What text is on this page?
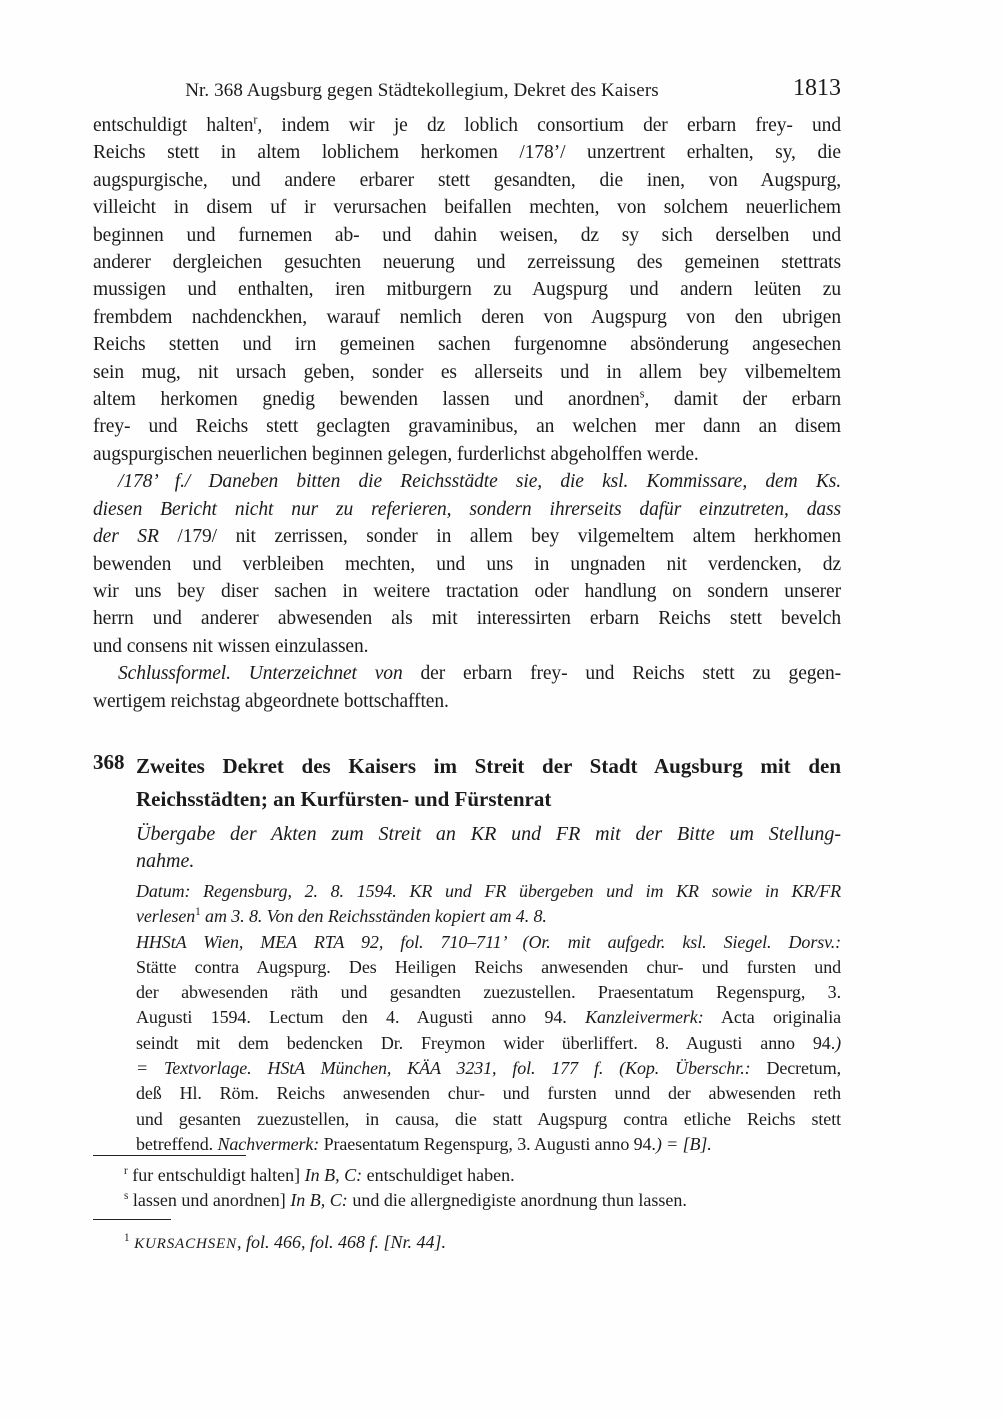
Nr. 368 Augsburg gegen Städtekollegium, Dekret des Kaisers	1813
entschuldigt halten$^r$, indem wir je dz loblich consortium der erbarn frey- und
Reichs stett in altem loblichem herkomen /178’/ unzertrent erhalten, sy, die
augspurgische, und andere erbarer stett gesandten, die inen, von Augspurg,
villeicht in disem uf ir verursachen beifallen mechten, von solchem neuerlichem
beginnen und furnemen ab- und dahin weisen, dz sy sich derselben und
anderer dergleichen gesuchten neuerung und zerreissung des gemeinen stettrats
mussigen und enthalten, iren mitburgern zu Augspurg und andern leüten zu
frembdem nachdenckhen, warauf nemlich deren von Augspurg von den ubrigen
Reichs stetten und irn gemeinen sachen furgenomne absönderung angesechen
sein mug, nit ursach geben, sonder es allerseits und in allem bey vilbemeltem
altem herkomen gnedig bewenden lassen und anordnen$^s$, damit der erbarn
frey- und Reichs stett geclagten gravaminibus, an welchen mer dann an disem
augspurgischen neuerlichen beginnen gelegen, furderlichst abgeholffen werde.
/178’ f./ Daneben bitten die Reichsstädte sie, die ksl. Kommissare, dem Ks.
diesen Bericht nicht nur zu referieren, sondern ihrerseits dafür einzutreten, dass
der SR /179/ nit zerrissen, sonder in allem bey vilgemeltem altem herkhomen
bewenden und verbleiben mechten, und uns in ungnaden nit verdencken, dz
wir uns bey diser sachen in weitere tractation oder handlung on sondern unserer
herrn und anderer abwesenden als mit interessirten erbarn Reichs stett bevelch
und consens nit wissen einzulassen.
Schlussformel. Unterzeichnet von der erbarn frey- und Reichs stett zu gegen-
wertigem reichstag abgeordnete bottschafften.
368 Zweites Dekret des Kaisers im Streit der Stadt Augsburg mit den
Reichsstädten; an Kurfürsten- und Fürstenrat
Übergabe der Akten zum Streit an KR und FR mit der Bitte um Stellung-
nahme.
Datum: Regensburg, 2. 8. 1594. KR und FR übergeben und im KR sowie in KR/FR
verlesen$^1$ am 3. 8. Von den Reichsständen kopiert am 4. 8.
HHStA Wien, MEA RTA 92, fol. 710–711’ (Or. mit aufgedr. ksl. Siegel. Dorsv.:
Stätte contra Augspurg. Des Heiligen Reichs anwesenden chur- und fursten und
der abwesenden räth und gesandten zuezustellen. Praesentatum Regenspurg, 3.
Augusti 1594. Lectum den 4. Augusti anno 94. Kanzleivermerk: Acta originalia
seindt mit dem bedencken Dr. Freymon wider überliffert. 8. Augusti anno 94.)
= Textvorlage. HStA München, KÄA 3231, fol. 177 f. (Kop. Überschr.: Decretum,
deß Hl. Röm. Reichs anwesenden chur- und fursten unnd der abwesenden reth
und gesanten zuezustellen, in causa, die statt Augspurg contra etliche Reichs stett
betreffend. Nachvermerk: Praesentatum Regenspurg, 3. Augusti anno 94.) = [B].
$^r$ fur entschuldigt halten] In B, C: entschuldiget haben.
$^s$ lassen und anordnen] In B, C: und die allergnedigiste anordnung thun lassen.
$^1$ KURSACHSEN, fol. 466, fol. 468 f. [Nr. 44].
